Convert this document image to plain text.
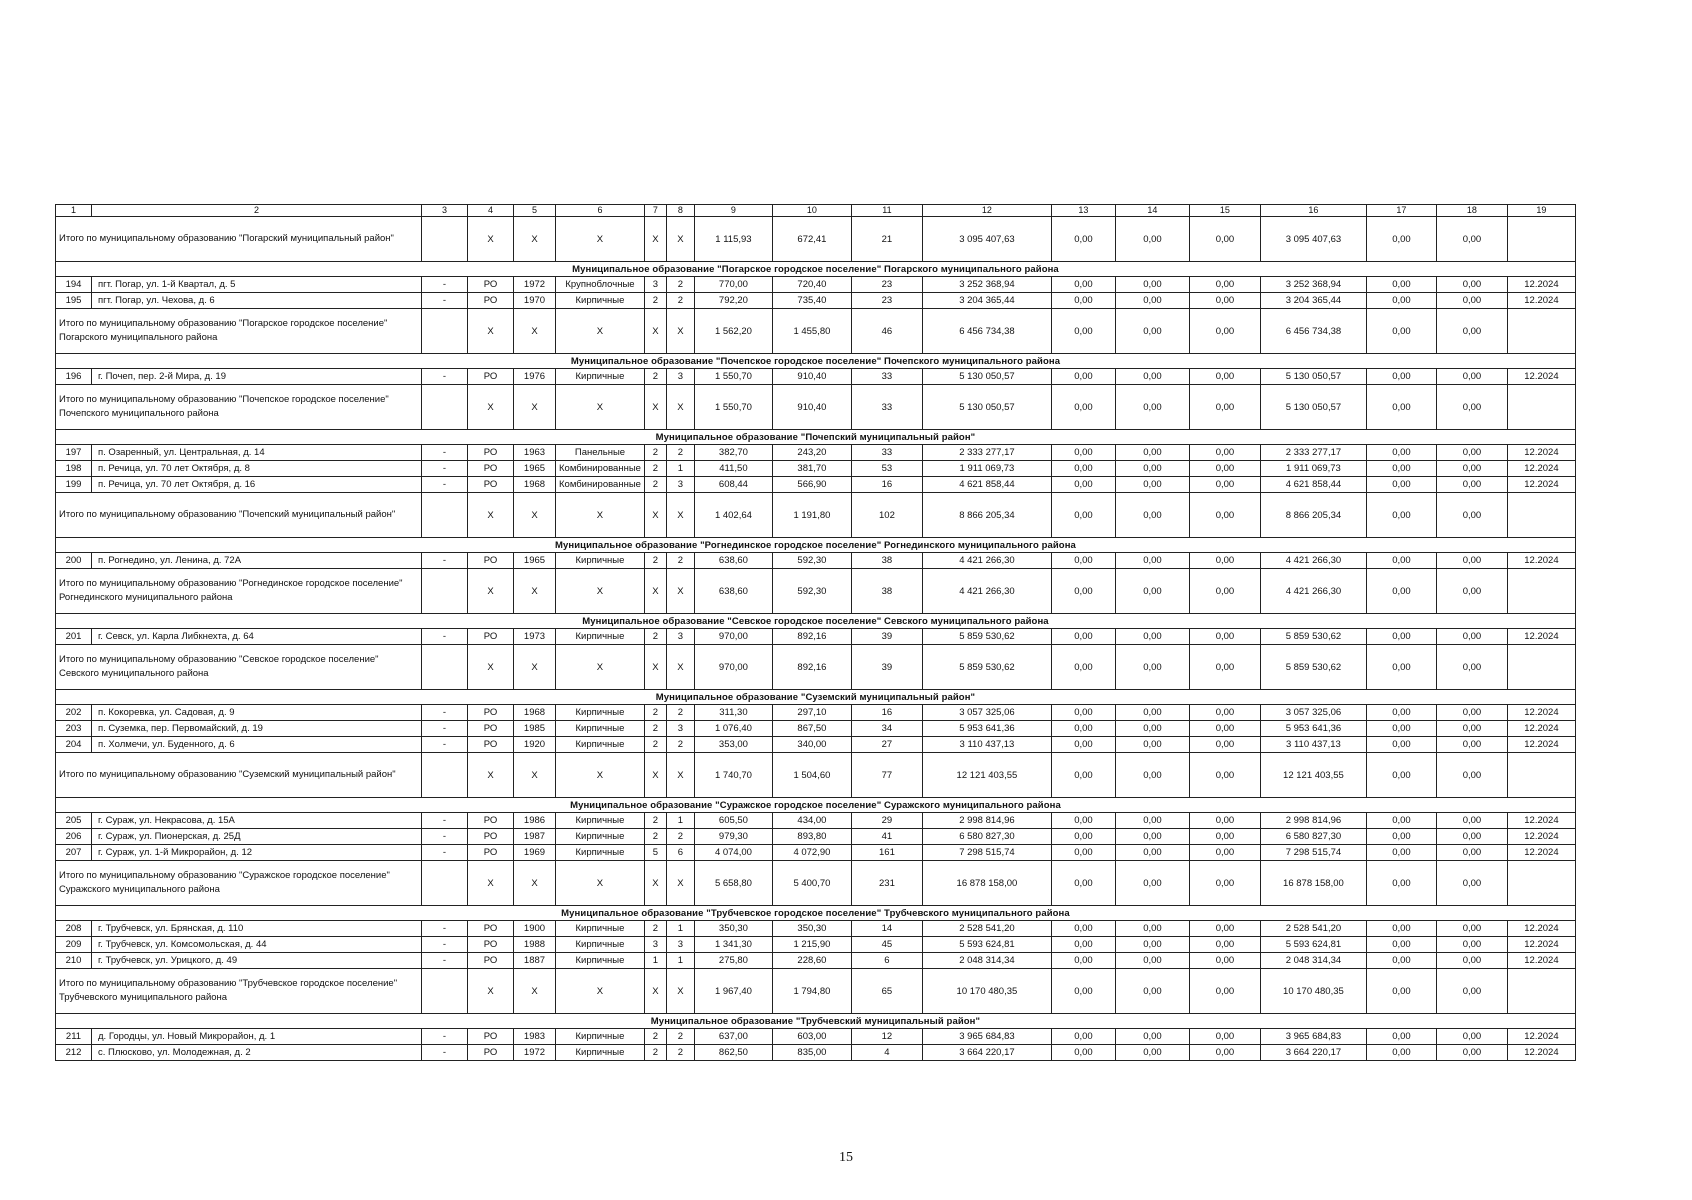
1	2	3	4	5	6	7	8	9	10	11	12	13	14	15	16	17	18	19
Итого по муниципальному образованию "Погарский муниципальный район"			X	X	X	X	X	1 115,93	672,41	21	3 095 407,63	0,00	0,00	0,00	3 095 407,63	0,00	0,00	
Муниципальное образование "Погарское городское поселение" Погарского муниципального района																		
194	пгт. Погар, ул. 1-й Квартал, д. 5	-	РО	1972	Крупноблочные	3	2	770,00	720,40	23	3 252 368,94	0,00	0,00	0,00	3 252 368,94	0,00	0,00	12.2024
195	пгт. Погар, ул. Чехова, д. 6	-	РО	1970	Кирпичные	2	2	792,20	735,40	23	3 204 365,44	0,00	0,00	0,00	3 204 365,44	0,00	0,00	12.2024
Итого по муниципальному образованию "Погарское городское поселение" Погарского муниципального района			X	X	X	X	X	1 562,20	1 455,80	46	6 456 734,38	0,00	0,00	0,00	6 456 734,38	0,00	0,00	
Муниципальное образование "Почепское городское поселение" Почепского муниципального района																		
196	г. Почеп, пер. 2-й Мира, д. 19	-	РО	1976	Кирпичные	2	3	1 550,70	910,40	33	5 130 050,57	0,00	0,00	0,00	5 130 050,57	0,00	0,00	12.2024
Итого по муниципальному образованию "Почепское городское поселение" Почепского муниципального района			X	X	X	X	X	1 550,70	910,40	33	5 130 050,57	0,00	0,00	0,00	5 130 050,57	0,00	0,00	
Муниципальное образование "Почепский муниципальный район"																		
197	п. Озаренный, ул. Центральная, д. 14	-	РО	1963	Панельные	2	2	382,70	243,20	33	2 333 277,17	0,00	0,00	0,00	2 333 277,17	0,00	0,00	12.2024
198	п. Речица, ул. 70 лет Октября, д. 8	-	РО	1965	Комбинированные	2	1	411,50	381,70	53	1 911 069,73	0,00	0,00	0,00	1 911 069,73	0,00	0,00	12.2024
199	п. Речица, ул. 70 лет Октября, д. 16	-	РО	1968	Комбинированные	2	3	608,44	566,90	16	4 621 858,44	0,00	0,00	0,00	4 621 858,44	0,00	0,00	12.2024
Итого по муниципальному образованию "Почепский муниципальный район"			X	X	X	X	X	1 402,64	1 191,80	102	8 866 205,34	0,00	0,00	0,00	8 866 205,34	0,00	0,00	
Муниципальное образование "Рогнединское городское поселение" Рогнединского муниципального района																		
200	п. Рогнедино, ул. Ленина, д. 72А	-	РО	1965	Кирпичные	2	2	638,60	592,30	38	4 421 266,30	0,00	0,00	0,00	4 421 266,30	0,00	0,00	12.2024
Итого по муниципальному образованию "Рогнединское городское поселение" Рогнединского муниципального района			X	X	X	X	X	638,60	592,30	38	4 421 266,30	0,00	0,00	0,00	4 421 266,30	0,00	0,00	
Муниципальное образование "Севское городское поселение" Севского муниципального района																		
201	г. Севск, ул. Карла Либкнехта, д. 64	-	РО	1973	Кирпичные	2	3	970,00	892,16	39	5 859 530,62	0,00	0,00	0,00	5 859 530,62	0,00	0,00	12.2024
Итого по муниципальному образованию "Севское городское поселение" Севского муниципального района			X	X	X	X	X	970,00	892,16	39	5 859 530,62	0,00	0,00	0,00	5 859 530,62	0,00	0,00	
Муниципальное образование "Суземский муниципальный район"																		
202	п. Кокоревка, ул. Садовая, д. 9	-	РО	1968	Кирпичные	2	2	311,30	297,10	16	3 057 325,06	0,00	0,00	0,00	3 057 325,06	0,00	0,00	12.2024
203	п. Суземка, пер. Первомайский, д. 19	-	РО	1985	Кирпичные	2	3	1 076,40	867,50	34	5 953 641,36	0,00	0,00	0,00	5 953 641,36	0,00	0,00	12.2024
204	п. Холмечи, ул. Буденного, д. 6	-	РО	1920	Кирпичные	2	2	353,00	340,00	27	3 110 437,13	0,00	0,00	0,00	3 110 437,13	0,00	0,00	12.2024
Итого по муниципальному образованию "Суземский муниципальный район"			X	X	X	X	X	1 740,70	1 504,60	77	12 121 403,55	0,00	0,00	0,00	12 121 403,55	0,00	0,00	
Муниципальное образование "Суражское городское поселение" Суражского муниципального района																		
205	г. Сураж, ул. Некрасова, д. 15А	-	РО	1986	Кирпичные	2	1	605,50	434,00	29	2 998 814,96	0,00	0,00	0,00	2 998 814,96	0,00	0,00	12.2024
206	г. Сураж, ул. Пионерская, д. 25Д	-	РО	1987	Кирпичные	2	2	979,30	893,80	41	6 580 827,30	0,00	0,00	0,00	6 580 827,30	0,00	0,00	12.2024
207	г. Сураж, ул. 1-й Микрорайон, д. 12	-	РО	1969	Кирпичные	5	6	4 074,00	4 072,90	161	7 298 515,74	0,00	0,00	0,00	7 298 515,74	0,00	0,00	12.2024
Итого по муниципальному образованию "Суражское городское поселение" Суражского муниципального района			X	X	X	X	X	5 658,80	5 400,70	231	16 878 158,00	0,00	0,00	0,00	16 878 158,00	0,00	0,00	
Муниципальное образование "Трубчевское городское поселение" Трубчевского муниципального района																		
208	г. Трубчевск, ул. Брянская, д. 110	-	РО	1900	Кирпичные	2	1	350,30	350,30	14	2 528 541,20	0,00	0,00	0,00	2 528 541,20	0,00	0,00	12.2024
209	г. Трубчевск, ул. Комсомольская, д. 44	-	РО	1988	Кирпичные	3	3	1 341,30	1 215,90	45	5 593 624,81	0,00	0,00	0,00	5 593 624,81	0,00	0,00	12.2024
210	г. Трубчевск, ул. Урицкого, д. 49	-	РО	1887	Кирпичные	1	1	275,80	228,60	6	2 048 314,34	0,00	0,00	0,00	2 048 314,34	0,00	0,00	12.2024
Итого по муниципальному образованию "Трубчевское городское поселение" Трубчевского муниципального района			X	X	X	X	X	1 967,40	1 794,80	65	10 170 480,35	0,00	0,00	0,00	10 170 480,35	0,00	0,00	
Муниципальное образование "Трубчевский муниципальный район"																		
211	д. Городцы, ул. Новый Микрорайон, д. 1	-	РО	1983	Кирпичные	2	2	637,00	603,00	12	3 965 684,83	0,00	0,00	0,00	3 965 684,83	0,00	0,00	12.2024
212	с. Плюсково, ул. Молодежная, д. 2	-	РО	1972	Кирпичные	2	2	862,50	835,00	4	3 664 220,17	0,00	0,00	0,00	3 664 220,17	0,00	0,00	12.2024
15
